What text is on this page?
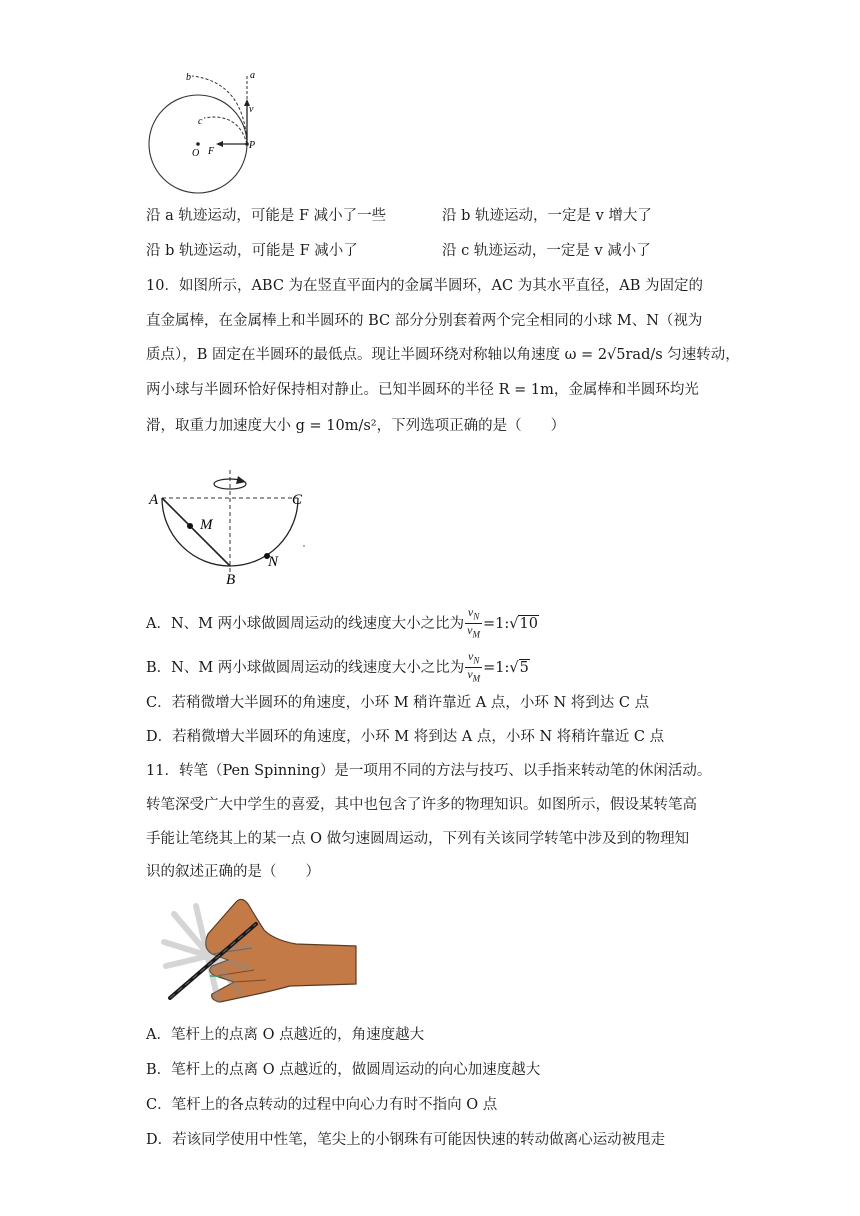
a
b
c
v
O F
P
沿 a 轨迹运动，可能是 F 减小了一些	沿 b 轨迹运动，一定是 v 增大了
沿 b 轨迹运动，可能是 F 减小了	沿 c 轨迹运动，一定是 v 减小了
10．如图所示，ABC 为在竖直平面内的金属半圆环，AC 为其水平直径，AB 为固定的
直金属棒，在金属棒上和半圆环的 BC 部分分别套着两个完全相同的小球 M、N（视为
质点），B 固定在半圆环的最低点。现让半圆环绕对称轴以角速度 ω = 2√5rad/s 匀速转动，
两小球与半圆环恰好保持相对静止。已知半圆环的半径 R = 1m，金属棒和半圆环均光
滑，取重力加速度大小 g = 10m/s²，下列选项正确的是（　　）
A	C
M
B
N
A．N、M 两小球做圆周运动的线速度大小之比为 $\frac{v_N}{v_M}$ =1:√10
B．N、M 两小球做圆周运动的线速度大小之比为 $\frac{v_N}{v_M}$ =1:√5
C．若稍微增大半圆环的角速度，小环 M 稍许靠近 A 点，小环 N 将到达 C 点
D．若稍微增大半圆环的角速度，小环 M 将到达 A 点，小环 N 将稍许靠近 C 点
11．转笔（Pen Spinning）是一项用不同的方法与技巧、以手指来转动笔的休闲活动。
转笔深受广大中学生的喜爱，其中也包含了许多的物理知识。如图所示，假设某转笔高
手能让笔绕其上的某一点 O 做匀速圆周运动，下列有关该同学转笔中涉及到的物理知
识的叙述正确的是（　　）
A．笔杆上的点离 O 点越近的，角速度越大
B．笔杆上的点离 O 点越近的，做圆周运动的向心加速度越大
C．笔杆上的各点转动的过程中向心力有时不指向 O 点
D．若该同学使用中性笔，笔尖上的小钢珠有可能因快速的转动做离心运动被甩走
